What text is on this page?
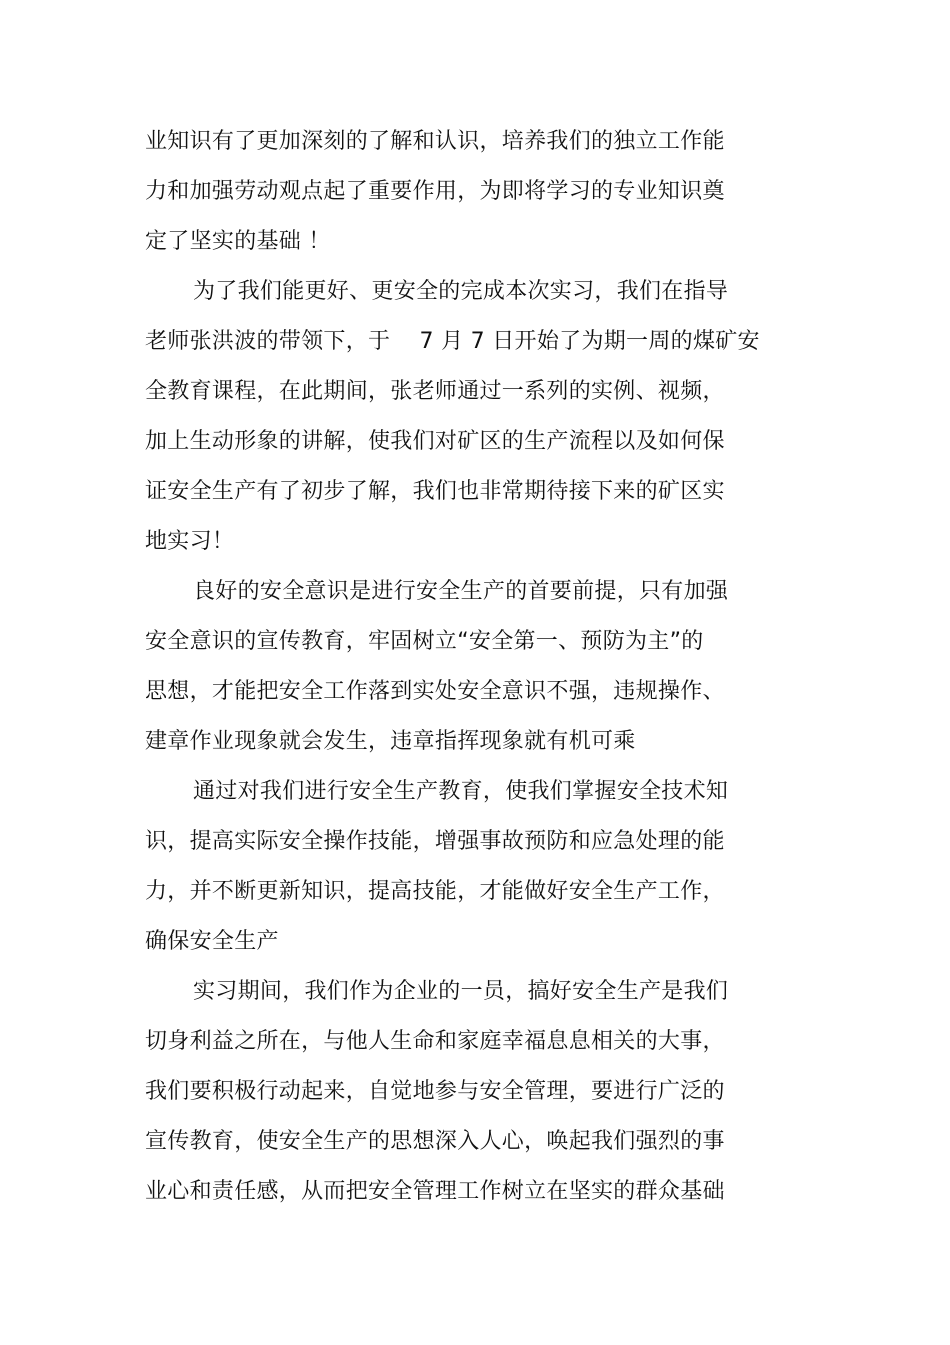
业知识有了更加深刻的了解和认识，培养我们的独立工作能
力和加强劳动观点起了重要作用，为即将学习的专业知识奠
定了坚实的基础 ！
为了我们能更好、更安全的完成本次实习，我们在指导
老师张洪波的带领下，于    7 月 7 日开始了为期一周的煤矿安
全教育课程，在此期间，张老师通过一系列的实例、视频，
加上生动形象的讲解，使我们对矿区的生产流程以及如何保
证安全生产有了初步了解，我们也非常期待接下来的矿区实
地实习！
良好的安全意识是进行安全生产的首要前提，只有加强
安全意识的宣传教育，牢固树立“安全第一、预防为主”的
思想，才能把安全工作落到实处安全意识不强，违规操作、
建章作业现象就会发生，违章指挥现象就有机可乘
通过对我们进行安全生产教育，使我们掌握安全技术知
识，提高实际安全操作技能，增强事故预防和应急处理的能
力，并不断更新知识，提高技能，才能做好安全生产工作，
确保安全生产
实习期间，我们作为企业的一员，搞好安全生产是我们
切身利益之所在，与他人生命和家庭幸福息息相关的大事，
我们要积极行动起来，自觉地参与安全管理，要进行广泛的
宣传教育，使安全生产的思想深入人心，唤起我们强烈的事
业心和责任感，从而把安全管理工作树立在坚实的群众基础
